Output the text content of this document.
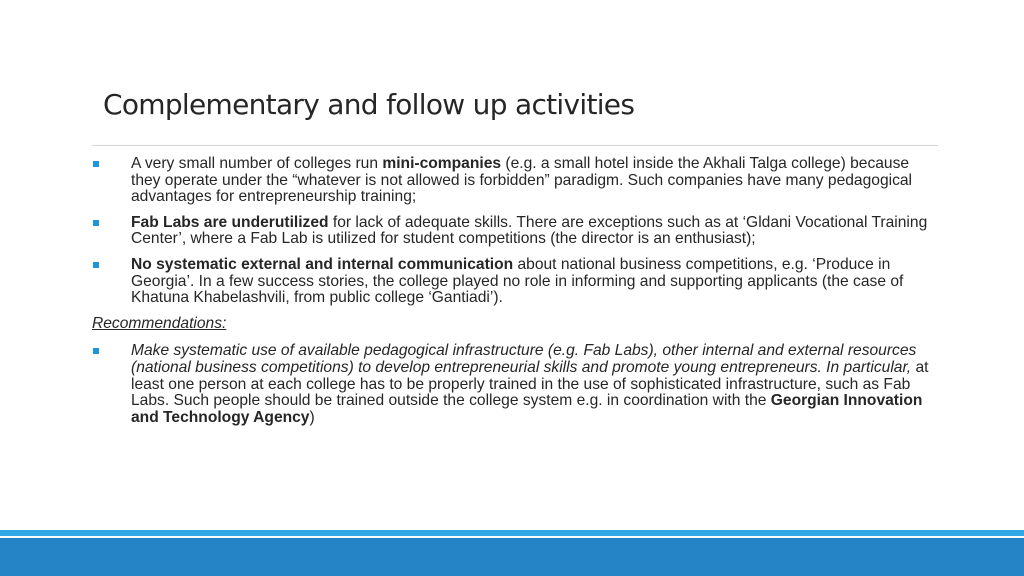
Complementary and follow up activities

A very small number of colleges run mini-companies (e.g. a small hotel inside the Akhali Talga college) because they operate under the “whatever is not allowed is forbidden” paradigm. Such companies have many pedagogical advantages for entrepreneurship training;

Fab Labs are underutilized for lack of adequate skills. There are exceptions such as at ‘Gldani Vocational Training Center’, where a Fab Lab is utilized for student competitions (the director is an enthusiast);

No systematic external and internal communication about national business competitions, e.g. ‘Produce in Georgia’. In a few success stories, the college played no role in informing and supporting applicants (the case of Khatuna Khabelashvili, from public college ‘Gantiadi’).

Recommendations:

Make systematic use of available pedagogical infrastructure (e.g. Fab Labs), other internal and external resources (national business competitions) to develop entrepreneurial skills and promote young entrepreneurs. In particular, at least one person at each college has to be properly trained in the use of sophisticated infrastructure, such as Fab Labs. Such people should be trained outside the college system e.g. in coordination with the Georgian Innovation and Technology Agency)
